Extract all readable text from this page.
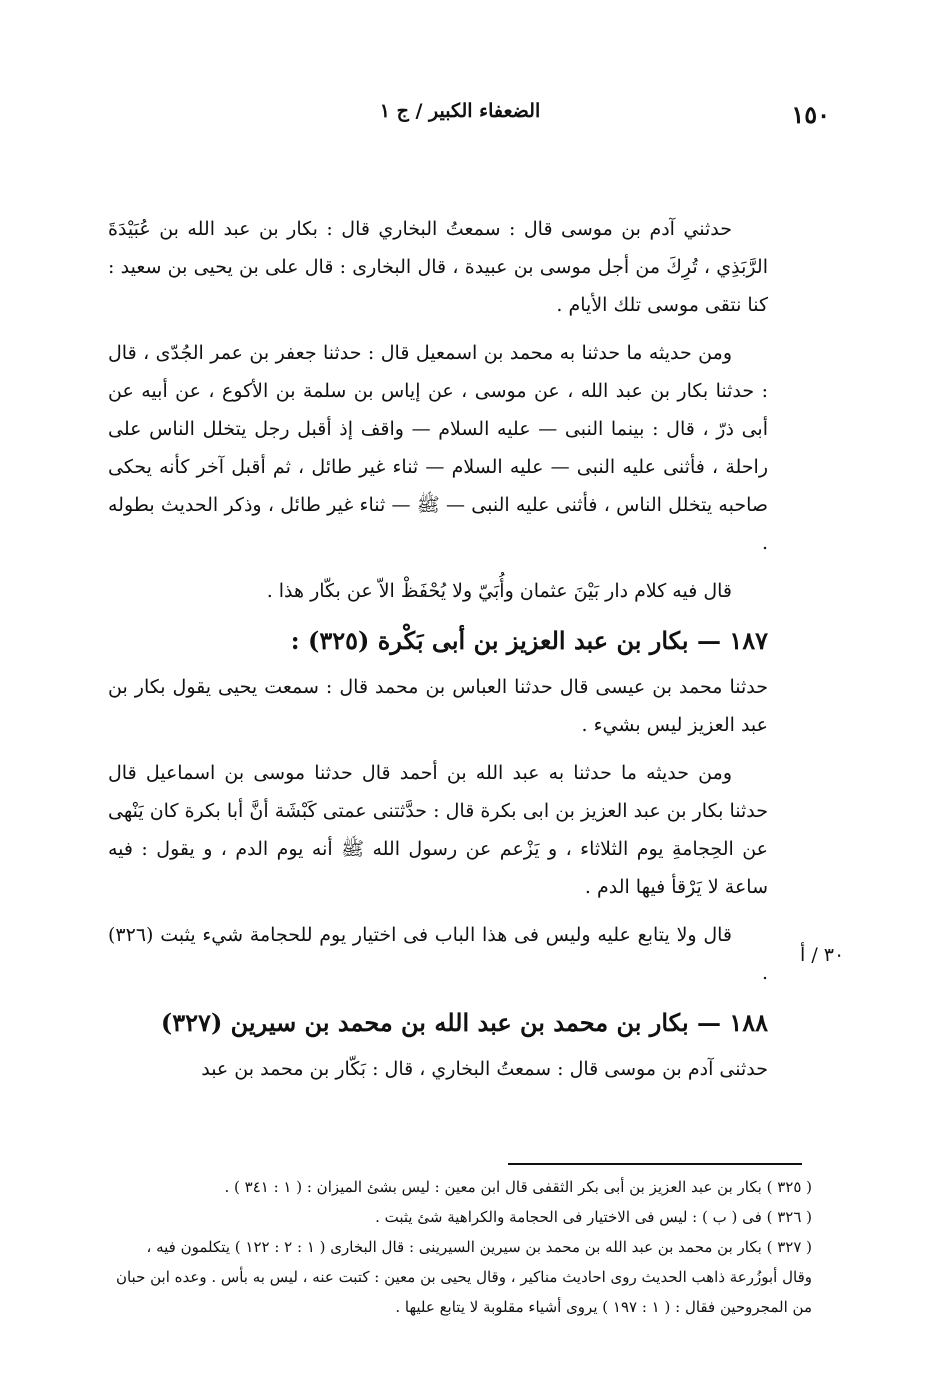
١٥٠
الضعفاء الكبير / ج ١

حدثني آدم بن موسى قال : سمعتُ البخاري قال : بكار بن عبد الله بن عُبَيْدَةَ الرَّبَذِي ، تُرِكَ من أجل موسى بن عبيدة ، قال البخارى : قال على بن يحيى بن سعيد : كنا نتقى موسى تلك الأيام .

ومن حديثه ما حدثنا به محمد بن اسمعيل قال : حدثنا جعفر بن عمر الجُدّى ، قال : حدثنا بكار بن عبد الله ، عن موسى ، عن إياس بن سلمة بن الأكوع ، عن أبيه عن أبى ذرّ ، قال : بينما النبى — عليه السلام — واقف إذ أقبل رجل يتخلل الناس على راحلة ، فأثنى عليه النبى — عليه السلام — ثناء غير طائل ، ثم أقبل آخر كأنه يحكى صاحبه يتخلل الناس ، فأثنى عليه النبى — ﷺ — ثناء غير طائل ، وذكر الحديث بطوله .

قال فيه كلام دار بَيْنَ عثمان وأُبَيّ ولا يُحْفَظْ الاّ عن بكّار هذا .

١٨٧ — بكار بن عبد العزيز بن أبى بَكْرة (٣٢٥) :

حدثنا محمد بن عيسى قال حدثنا العباس بن محمد قال : سمعت يحيى يقول بكار بن عبد العزيز ليس بشيء .

ومن حديثه ما حدثنا به عبد الله بن أحمد قال حدثنا موسى بن اسماعيل قال حدثنا بكار بن عبد العزيز بن ابى بكرة قال : حدَّثتنى عمتى كَبْشَة أنَّ أبا بكرة كان يَنْهى عن الحِجامةِ يوم الثلاثاء ، و يَزْعم عن رسول الله ﷺ أنه يوم الدم ، و يقول : فيه ساعة لا يَرْقأ فيها الدم .

قال ولا يتابع عليه وليس فى هذا الباب فى اختيار يوم للحجامة شيء يثبت (٣٢٦) .

١٨٨ — بكار بن محمد بن عبد الله بن محمد بن سيرين (٣٢٧)

حدثنى آدم بن موسى قال : سمعتُ البخاري ، قال : بَكّار بن محمد بن عبد

٣٠ / أ

( ٣٢٥ ) بكار بن عبد العزيز بن أبى بكر الثقفى قال ابن معين : ليس بشئ الميزان : ( ١ : ٣٤١ ) .

( ٣٢٦ ) فى ( ب ) : ليس فى الاختيار فى الحجامة والكراهية شئ يثبت .

( ٣٢٧ ) بكار بن محمد بن عبد الله بن محمد بن سيرين السيرينى : قال البخارى ( ١ : ٢ : ١٢٢ ) يتكلمون فيه ، وقال أبوزُرعة ذاهب الحديث روى احاديث مناكير ، وقال يحيى بن معين : كتبت عنه ، ليس به بأس . وعده ابن حبان من المجروحين فقال : ( ١ : ١٩٧ ) يروى أشياء مقلوبة لا يتابع عليها .
